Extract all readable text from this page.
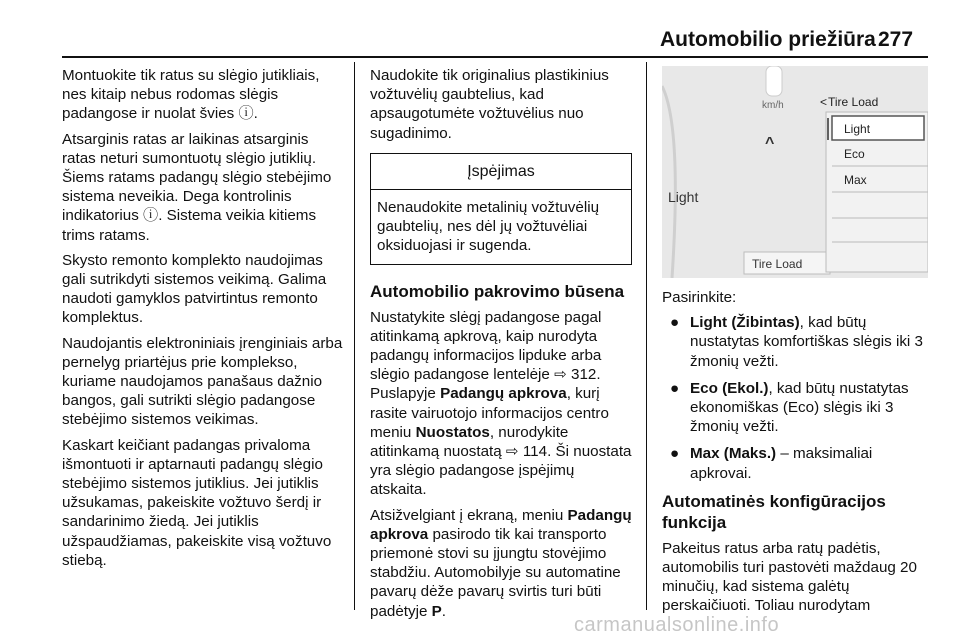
Automobilio priežiūra 277

Montuokite tik ratus su slėgio jutikliais, nes kitaip nebus rodomas slėgis padangose ir nuolat švies ⓘ.

Atsarginis ratas ar laikinas atsarginis ratas neturi sumontuotų slėgio jutiklių. Šiems ratams padangų slėgio stebėjimo sistema neveikia. Dega kontrolinis indikatorius ⓘ. Sistema veikia kitiems trims ratams.

Skysto remonto komplekto naudojimas gali sutrikdyti sistemos veikimą. Galima naudoti gamyklos patvirtintus remonto komplektus.

Naudojantis elektroniniais įrenginiais arba pernelyg priartėjus prie komplekso, kuriame naudojamos panašaus dažnio bangos, gali sutrikti slėgio padangose stebėjimo sistemos veikimas.

Kaskart keičiant padangas privaloma išmontuoti ir aptarnauti padangų slėgio stebėjimo sistemos jutiklius. Jei jutiklis užsukamas, pakeiskite vožtuvo šerdį ir sandarinimo žiedą. Jei jutiklis užspaudžiamas, pakeiskite visą vožtuvo stiebą.

Naudokite tik originalius plastikinius vožtuvėlių gaubtelius, kad apsaugotumėte vožtuvėlius nuo sugadinimo.

Įspėjimas
Nenaudokite metalinių vožtuvėlių gaubtelių, nes dėl jų vožtuvėliai oksiduojasi ir sugenda.
Automobilio pakrovimo būsena

Nustatykite slėgį padangose pagal atitinkamą apkrovą, kaip nurodyta padangų informacijos lipduke arba slėgio padangose lentelėje ⇨ 312. Puslapyje Padangų apkrova, kurį rasite vairuotojo informacijos centro meniu Nuostatos, nurodykite atitinkamą nuostatą ⇨ 114. Ši nuostata yra slėgio padangose įspėjimų atskaita.

Atsižvelgiant į ekraną, meniu Padangų apkrova pasirodo tik kai transporto priemonė stovi su įjungtu stovėjimo stabdžiu. Automobilyje su automatine pavarų dėže pavarų svirtis turi būti padėtyje P.

km/h	< Tire Load
^
Light
Tire Load
Light
Eco
Max

Pasirinkite:

● Light (Žibintas), kad būtų nustatytas komfortiškas slėgis iki 3 žmonių vežti.
● Eco (Ekol.), kad būtų nustatytas ekonomiškas (Eco) slėgis iki 3 žmonių vežti.
● Max (Maks.) – maksimaliai apkrovai.
Automatinės konfigūracijos funkcija

Pakeitus ratus arba ratų padėtis, automobilis turi pastovėti maždaug 20 minučių, kad sistema galėtų perskaičiuoti. Toliau nurodytam

carmanualsonline.info
